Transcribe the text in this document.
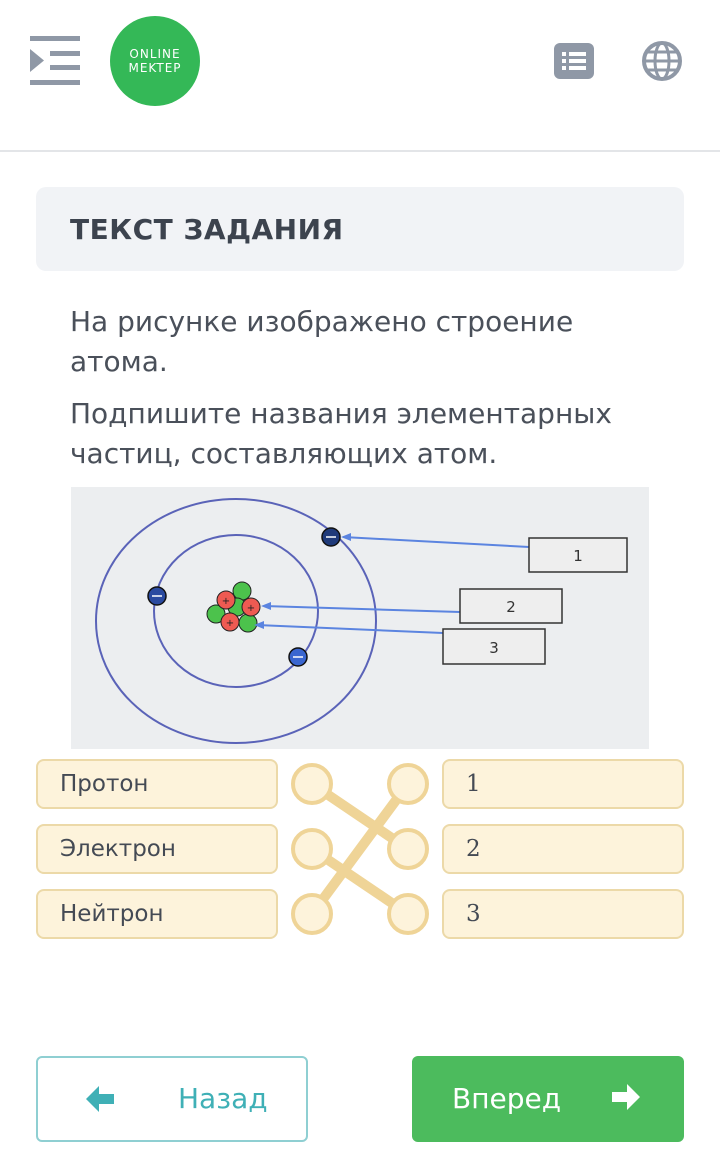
ONLINE
MEKTEP
ТЕКСТ ЗАДАНИЯ
На рисунке изображено строение атома.
Подпишите названия элементарных частиц, составляющих атом.
+
+
+
1
2
3
Протон
Электрон
Нейтрон
1
2
3
Назад	Вперед
